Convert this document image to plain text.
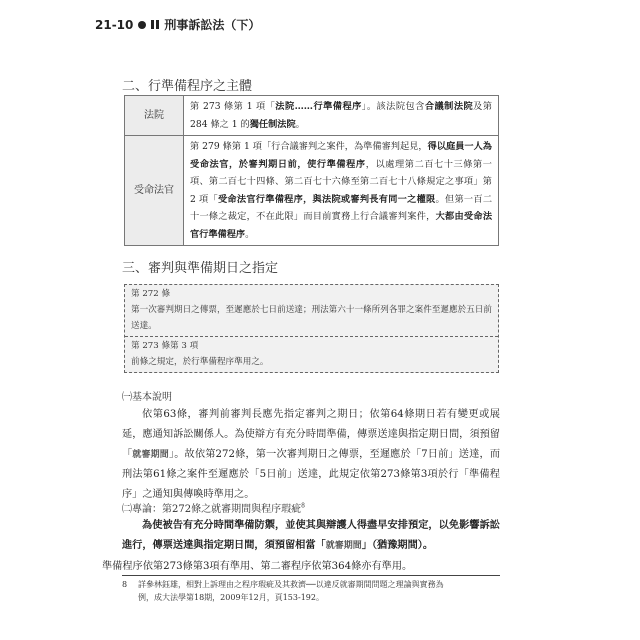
21-10	刑事訴訟法（下）
二、行準備程序之主體
法院	第 273 條第 1 項「法院……行準備程序」。該法院包含合議制法院及第 284 條之 1 的獨任制法院。
受命法官	第 279 條第 1 項「行合議審判之案件，為準備審判起見，得以庭員一人為受命法官，於審判期日前，使行準備程序，以處理第二百七十三條第一項、第二百七十四條、第二百七十六條至第二百七十八條規定之事項」第 2 項「受命法官行準備程序，與法院或審判長有同一之權限。但第一百二十一條之裁定，不在此限」而目前實務上行合議審判案件，大都由受命法官行準備程序。
三、審判與準備期日之指定
第 272 條
第一次審判期日之傳票，至遲應於七日前送達；刑法第六十一條所列各罪之案件至遲應於五日前送達。
第 273 條第 3 項
前條之規定，於行準備程序準用之。
㈠基本說明
依第63條，審判前審判長應先指定審判之期日；依第64條期日若有變更或展延，應通知訴訟關係人。為使辯方有充分時間準備，傳票送達與指定期日間，須預留「就審期間」。故依第272條，第一次審判期日之傳票，至遲應於「7日前」送達，而刑法第61條之案件至遲應於「5日前」送達，此規定依第273條第3項於行「準備程序」之通知與傳喚時準用之。
㈡專論：第272條之就審期間與程序瑕疵$^8$
為使被告有充分時間準備防禦，並使其與辯護人得盡早安排預定，以免影響訴訟進行，傳票送達與指定期日間，須預留相當「就審期間」（猶豫期間）。
準備程序依第273條第3項有準用、第二審程序依第364條亦有準用。
8 詳參林鈺雄，相對上訴理由之程序瑕疵及其救濟──以違反就審期間問題之理論與實務為
例，成大法學第18期，2009年12月，頁153-192。
